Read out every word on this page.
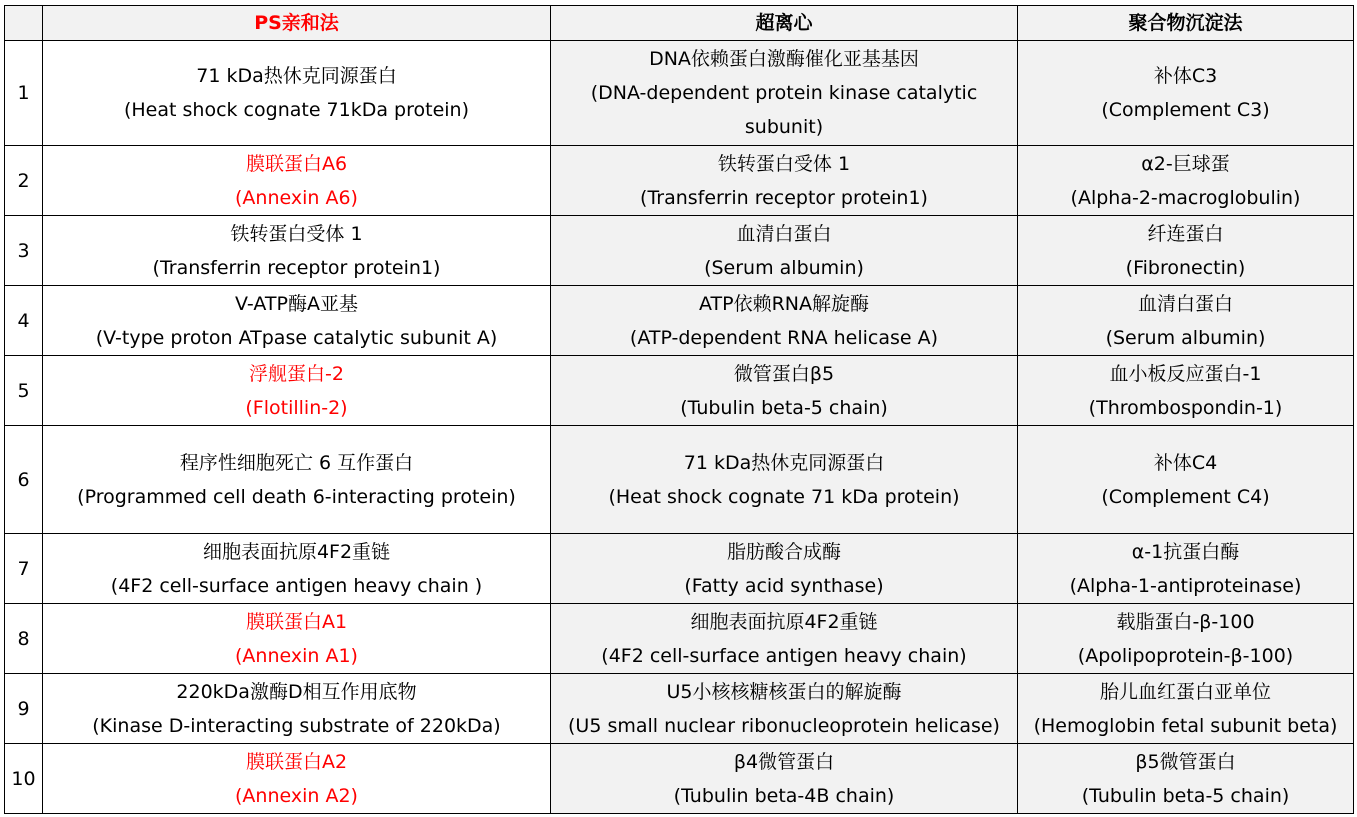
	PS亲和法	超离心	聚合物沉淀法
1	71 kDa热休克同源蛋白
(Heat shock cognate 71kDa protein)	DNA依赖蛋白激酶催化亚基基因
(DNA-dependent protein kinase catalytic
subunit)	补体C3
(Complement C3)

2	膜联蛋白A6
(Annexin A6)	铁转蛋白受体 1
(Transferrin receptor protein1)	α2-巨球蛋
(Alpha-2-macroglobulin)

3	铁转蛋白受体 1
(Transferrin receptor protein1)	血清白蛋白
(Serum albumin)	纤连蛋白
(Fibronectin)

4	V-ATP酶A亚基
(V-type proton ATpase catalytic subunit A)	ATP依赖RNA解旋酶
(ATP-dependent RNA helicase A)	血清白蛋白
(Serum albumin)

5	浮舰蛋白-2
(Flotillin-2)	微管蛋白β5
(Tubulin beta-5 chain)	血小板反应蛋白-1
(Thrombospondin-1)

6	程序性细胞死亡 6 互作蛋白
(Programmed cell death 6-interacting protein)	71 kDa热休克同源蛋白
(Heat shock cognate 71 kDa protein)	补体C4
(Complement C4)

7	细胞表面抗原4F2重链
(4F2 cell-surface antigen heavy chain )	脂肪酸合成酶
(Fatty acid synthase)	α-1抗蛋白酶
(Alpha-1-antiproteinase)

8	膜联蛋白A1
(Annexin A1)	细胞表面抗原4F2重链
(4F2 cell-surface antigen heavy chain)	载脂蛋白-β-100
(Apolipoprotein-β-100)

9	220kDa激酶D相互作用底物
(Kinase D-interacting substrate of 220kDa)	U5小核核糖核蛋白的解旋酶
(U5 small nuclear ribonucleoprotein helicase)	胎儿血红蛋白亚单位
(Hemoglobin fetal subunit beta)

10	膜联蛋白A2
(Annexin A2)	β4微管蛋白
(Tubulin beta-4B chain)	β5微管蛋白
(Tubulin beta-5 chain)
